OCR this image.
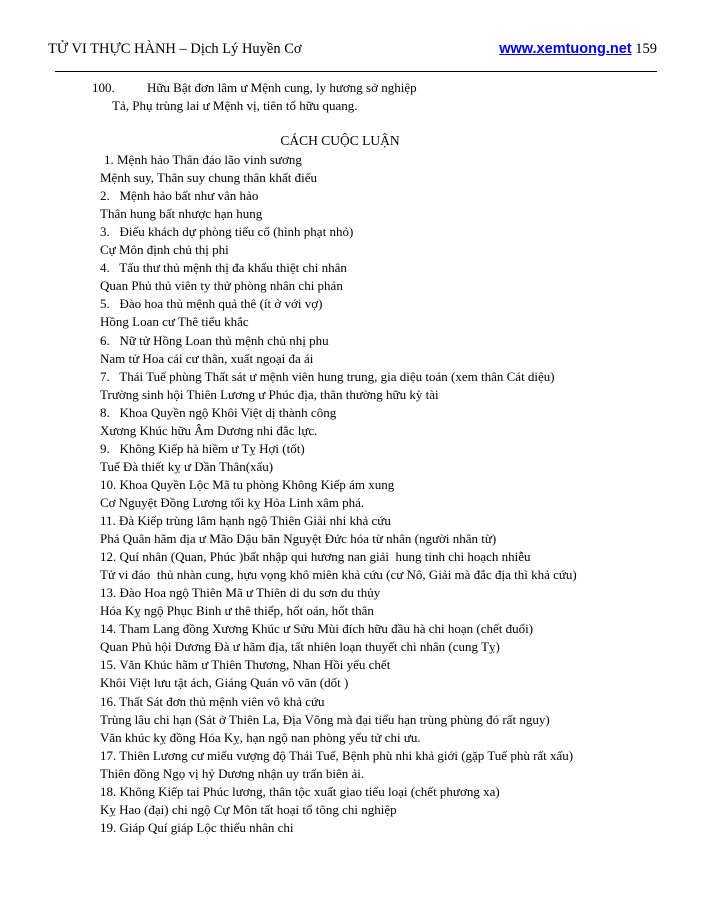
TỬ VI THỰC HÀNH – Dịch Lý Huyền Cơ	www.xemtuong.net 159
100. Hữu Bật đơn lâm ư Mệnh cung, ly hương sở nghiệp
Tả, Phụ trùng lai ư Mệnh vị, tiên tổ hữu quang.
CÁCH CUỘC LUẬN
1. Mệnh hảo Thân đáo lão vinh sương
Mệnh suy, Thân suy chung thân khất điếu
2.   Mệnh hảo bất như vân hảo
Thân hung bất nhược hạn hung
3.   Điếu khách dự phòng tiểu cố (hình phạt nhỏ)
Cự Môn định chủ thị phi
4.   Tấu thư thủ mệnh thị đa khẩu thiệt chi nhân
Quan Phủ thủ viên ty thử phòng nhân chi phản
5.   Đào hoa thủ mệnh quả thê (ít ở với vợ)
Hồng Loan cư Thê tiểu khắc
6.   Nữ tử Hồng Loan thủ mệnh chủ nhị phu
Nam tử Hoa cái cư thân, xuất ngoại đa ái
7.   Thái Tuế phùng Thất sát ư mệnh viên hung trung, gia diệu toán (xem thân Cát diệu)
Trường sinh hội Thiên Lương ư Phúc địa, thân thường hữu kỳ tài
8.   Khoa Quyền ngộ Khôi Việt dị thành công
Xương Khúc hữu Âm Dương nhi đắc lực.
9.   Không Kiếp hà hiềm ư Tỵ Hợi (tốt)
Tuế Đà thiết kỵ ư Dần Thân(xấu)
10. Khoa Quyền Lộc Mã tu phòng Không Kiếp ám xung
Cơ Nguyệt Đồng Lương tối kỵ Hỏa Linh xâm phá.
11. Đà Kiếp trùng lâm hạnh ngộ Thiên Giải nhi khả cứu
Phá Quân hãm địa ư Mão Dậu băn Nguyệt Đức hóa từ nhân (người nhân từ)
12. Quí nhân (Quan, Phúc )bất nhập qui hương nan giải  hung tinh chi hoạch nhiễu
Tử vi đáo  thủ nhàn cung, hựu vọng khô miên khả cứu (cư Nô, Giải mà đắc địa thì khả cứu)
13. Đào Hoa ngộ Thiên Mã ư Thiên di du sơn du thủy
Hóa Kỵ ngộ Phục Binh ư thê thiếp, hốt oán, hốt thân
14. Tham Lang đồng Xương Khúc ư Sửu Mùi đích hữu đầu hà chi hoạn (chết đuối)
Quan Phủ hội Dương Đà ư hãm địa, tất nhiên loạn thuyết chi nhân (cung Tỵ)
15. Văn Khúc hãm ư Thiên Thương, Nhan Hồi yểu chết
Khôi Việt lưu tật ách, Giáng Quán vô văn (dốt )
16. Thất Sát đơn thủ mệnh viên vô khả cứu
Trùng lâu chi hạn (Sát ở Thiên La, Địa Võng mà đại tiểu hạn trùng phùng đó rất nguy)
Văn khúc kỵ đồng Hóa Kỵ, hạn ngộ nan phòng yểu tử chi ưu.
17. Thiên Lương cư miếu vượng độ Thái Tuế, Bệnh phù nhi khả giới (gặp Tuế phù rất xấu)
Thiên đồng Ngọ vị hỷ Dương nhận uy trấn biên ải.
18. Không Kiếp tai Phúc lương, thân tộc xuất giao tiểu loại (chết phương xa)
Kỵ Hao (đại) chi ngộ Cự Môn tất hoại tổ tông chi nghiệp
19. Giáp Quí giáp Lộc thiếu nhân chi
